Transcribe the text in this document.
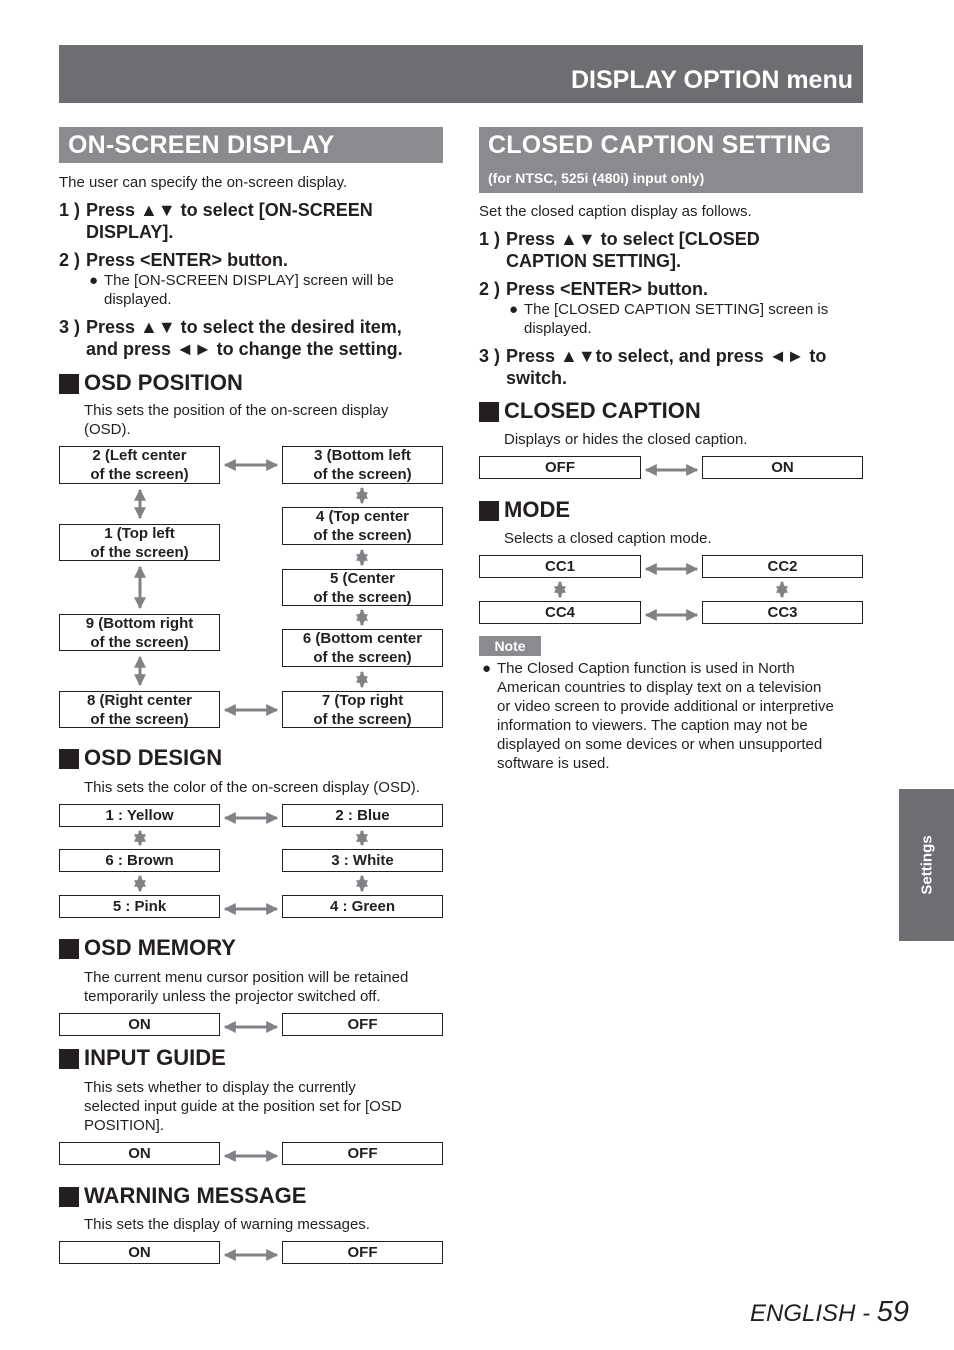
DISPLAY OPTION menu
ON-SCREEN DISPLAY
The user can specify the on-screen display.
1 ) Press ▲▼ to select [ON-SCREEN
DISPLAY].
2 ) Press <ENTER> button.
● The [ON-SCREEN DISPLAY] screen will be
displayed.
3 ) Press ▲▼ to select the desired item,
and press ◄► to change the setting.
OSD POSITION
This sets the position of the on-screen display
(OSD).
2 (Left center
of the screen)
3 (Bottom left
of the screen)
1 (Top left
of the screen)
4 (Top center
of the screen)
5 (Center
of the screen)
9 (Bottom right
of the screen)	6 (Bottom center
of the screen)
8 (Right center
of the screen)
7 (Top right
of the screen)
OSD DESIGN
This sets the color of the on-screen display (OSD).
1 : Yellow	2 : Blue
6 : Brown	3 : White
5 : Pink	4 : Green
OSD MEMORY
The current menu cursor position will be retained
temporarily unless the projector switched off.
ON	OFF
INPUT GUIDE
This sets whether to display the currently
selected input guide at the position set for [OSD
POSITION].
ON	OFF
WARNING MESSAGE
This sets the display of warning messages.
ON	OFF
CLOSED CAPTION SETTING
(for NTSC, 525i (480i) input only)
Set the closed caption display as follows.
1 ) Press ▲▼ to select [CLOSED
CAPTION SETTING].
2 ) Press <ENTER> button.
● The [CLOSED CAPTION SETTING] screen is
displayed.
3 ) Press ▲▼to select, and press ◄► to
switch.
CLOSED CAPTION
Displays or hides the closed caption.
OFF	ON
MODE
Selects a closed caption mode.
CC1	CC2
CC4	CC3
Note
● The Closed Caption function is used in North
American countries to display text on a television
or video screen to provide additional or interpretive
information to viewers. The caption may not be
displayed on some devices or when unsupported
software is used.
Settings
ENGLISH - 59
